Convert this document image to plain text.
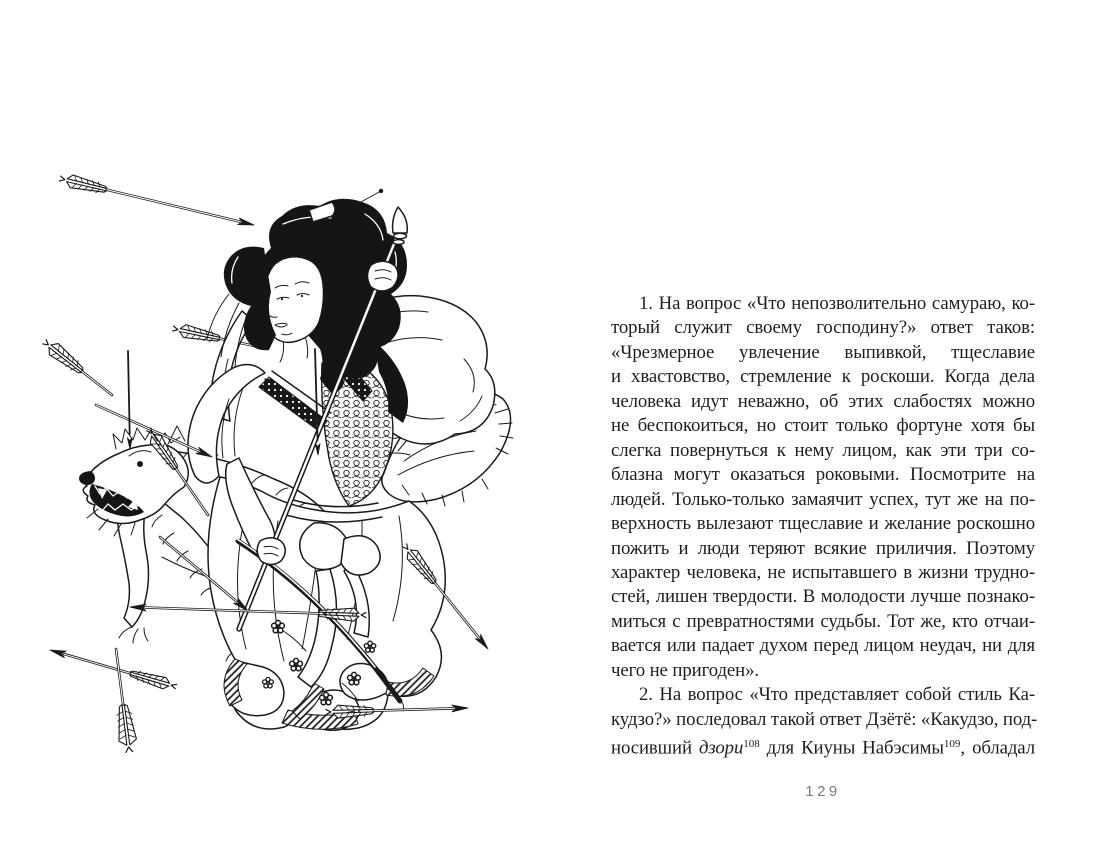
1. На вопрос «Что непозволительно самураю, ко-
торый служит своему господину?» ответ таков:
«Чрезмерное увлечение выпивкой, тщеславие
и хвастовство, стремление к роскоши. Когда дела
человека идут неважно, об этих слабостях можно
не беспокоиться, но стоит только фортуне хотя бы
слегка повернуться к нему лицом, как эти три со-
блазна могут оказаться роковыми. Посмотрите на
людей. Только-только замаячит успех, тут же на по-
верхность вылезают тщеславие и желание роскошно
пожить и люди теряют всякие приличия. Поэтому
характер человека, не испытавшего в жизни трудно-
стей, лишен твердости. В молодости лучше познако-
миться с превратностями судьбы. Тот же, кто отчаи-
вается или падает духом перед лицом неудач, ни для
чего не пригоден».
2. На вопрос «Что представляет собой стиль Ка-
кудзо?» последовал такой ответ Дзётё: «Какудзо, под-
носивший дзори$^{108}$ для Киуны Набэсимы$^{109}$, обладал
129
